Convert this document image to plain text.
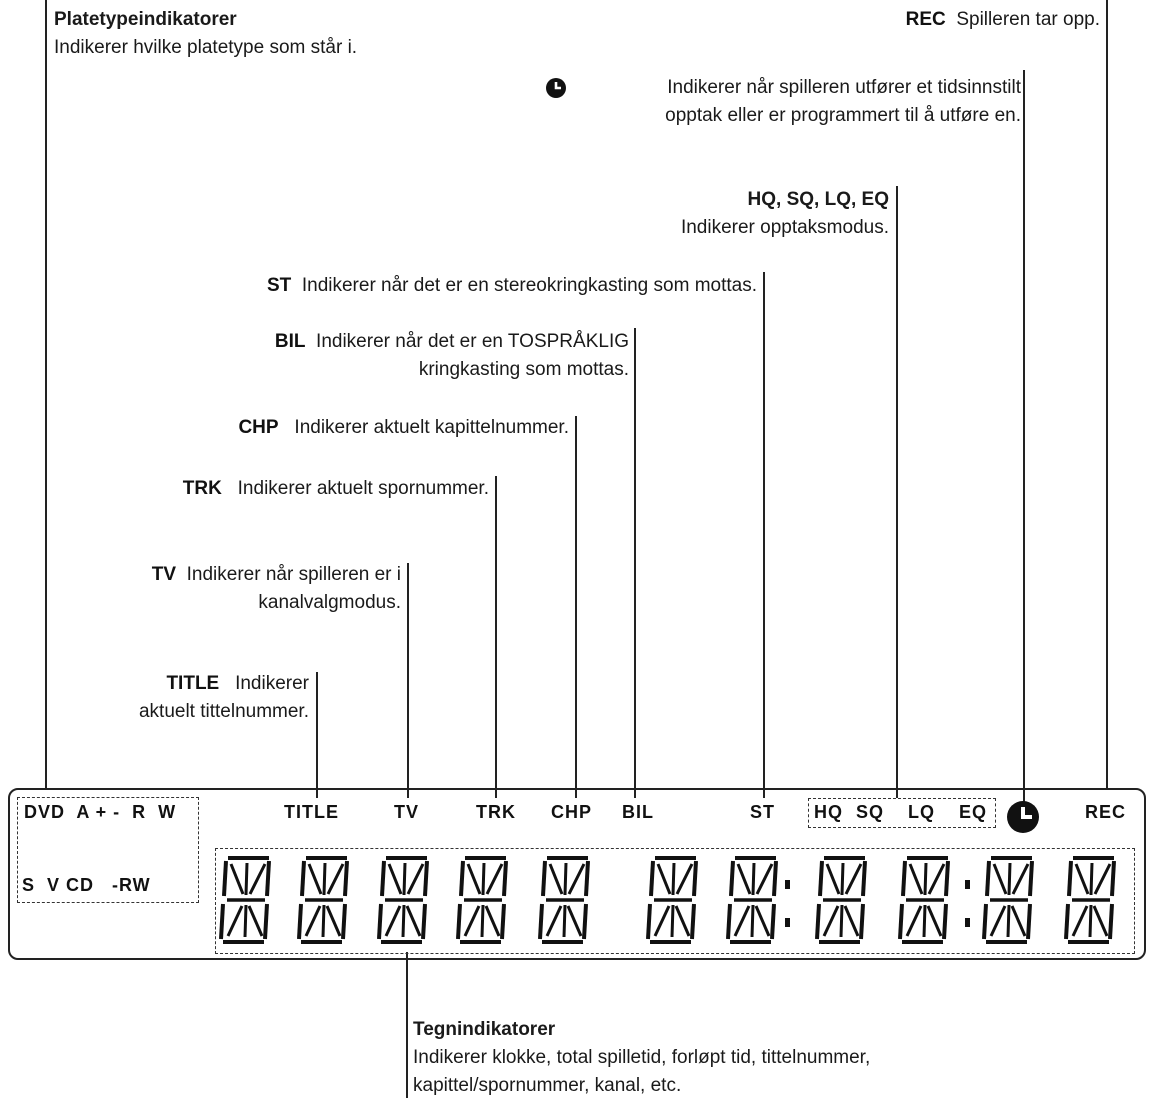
Platetypeindikatorer
Indikerer hvilke platetype som står i.
REC Spilleren tar opp.
Indikerer når spilleren utfører et tidsinnstilt
opptak eller er programmert til å utføre en.
HQ, SQ, LQ, EQ
Indikerer opptaksmodus.
ST Indikerer når det er en stereokringkasting som mottas.
BIL Indikerer når det er en TOSPRÅKLIG
kringkasting som mottas.
CHP Indikerer aktuelt kapittelnummer.
TRK Indikerer aktuelt spornummer.
TV Indikerer når spilleren er i
kanalvalgmodus.
TITLE Indikerer
aktuelt tittelnummer.
Tegnindikatorer
Indikerer klokke, total spilletid, forløpt tid, tittelnummer,
kapittel/spornummer, kanal, etc.
DVD  A + -  R  W
S  V CD   -RW
TITLE	TV	TRK CHP BIL	ST HQ SQ LQ EQ	REC
